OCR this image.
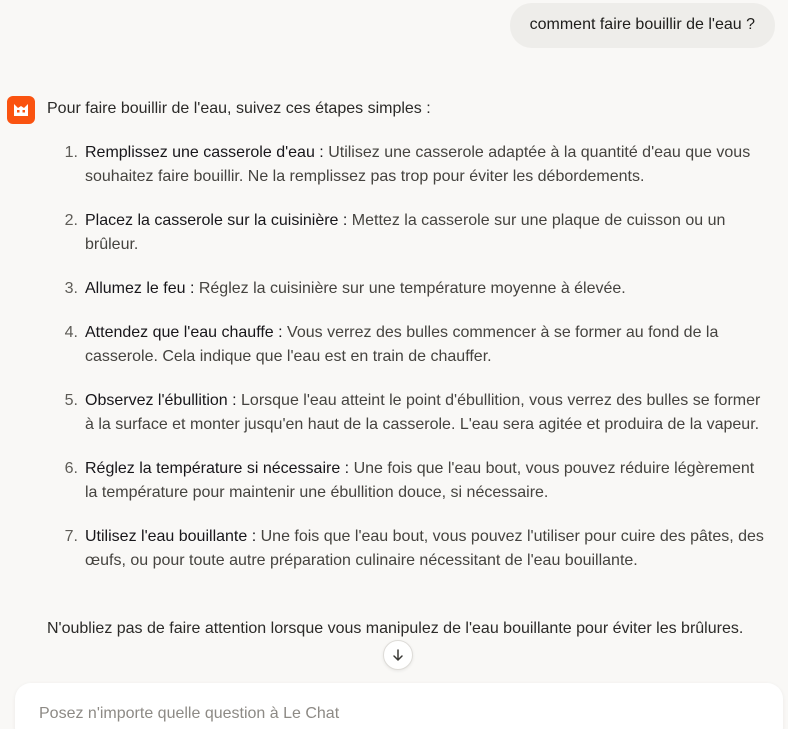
comment faire bouillir de l'eau ?
Pour faire bouillir de l'eau, suivez ces étapes simples :
1. Remplissez une casserole d'eau : Utilisez une casserole adaptée à la quantité d'eau que vous souhaitez faire bouillir. Ne la remplissez pas trop pour éviter les débordements.
2. Placez la casserole sur la cuisinière : Mettez la casserole sur une plaque de cuisson ou un brûleur.
3. Allumez le feu : Réglez la cuisinière sur une température moyenne à élevée.
4. Attendez que l'eau chauffe : Vous verrez des bulles commencer à se former au fond de la casserole. Cela indique que l'eau est en train de chauffer.
5. Observez l'ébullition : Lorsque l'eau atteint le point d'ébullition, vous verrez des bulles se former à la surface et monter jusqu'en haut de la casserole. L'eau sera agitée et produira de la vapeur.
6. Réglez la température si nécessaire : Une fois que l'eau bout, vous pouvez réduire légèrement la température pour maintenir une ébullition douce, si nécessaire.
7. Utilisez l'eau bouillante : Une fois que l'eau bout, vous pouvez l'utiliser pour cuire des pâtes, des œufs, ou pour toute autre préparation culinaire nécessitant de l'eau bouillante.
N'oubliez pas de faire attention lorsque vous manipulez de l'eau bouillante pour éviter les brûlures.
Posez n'importe quelle question à Le Chat
